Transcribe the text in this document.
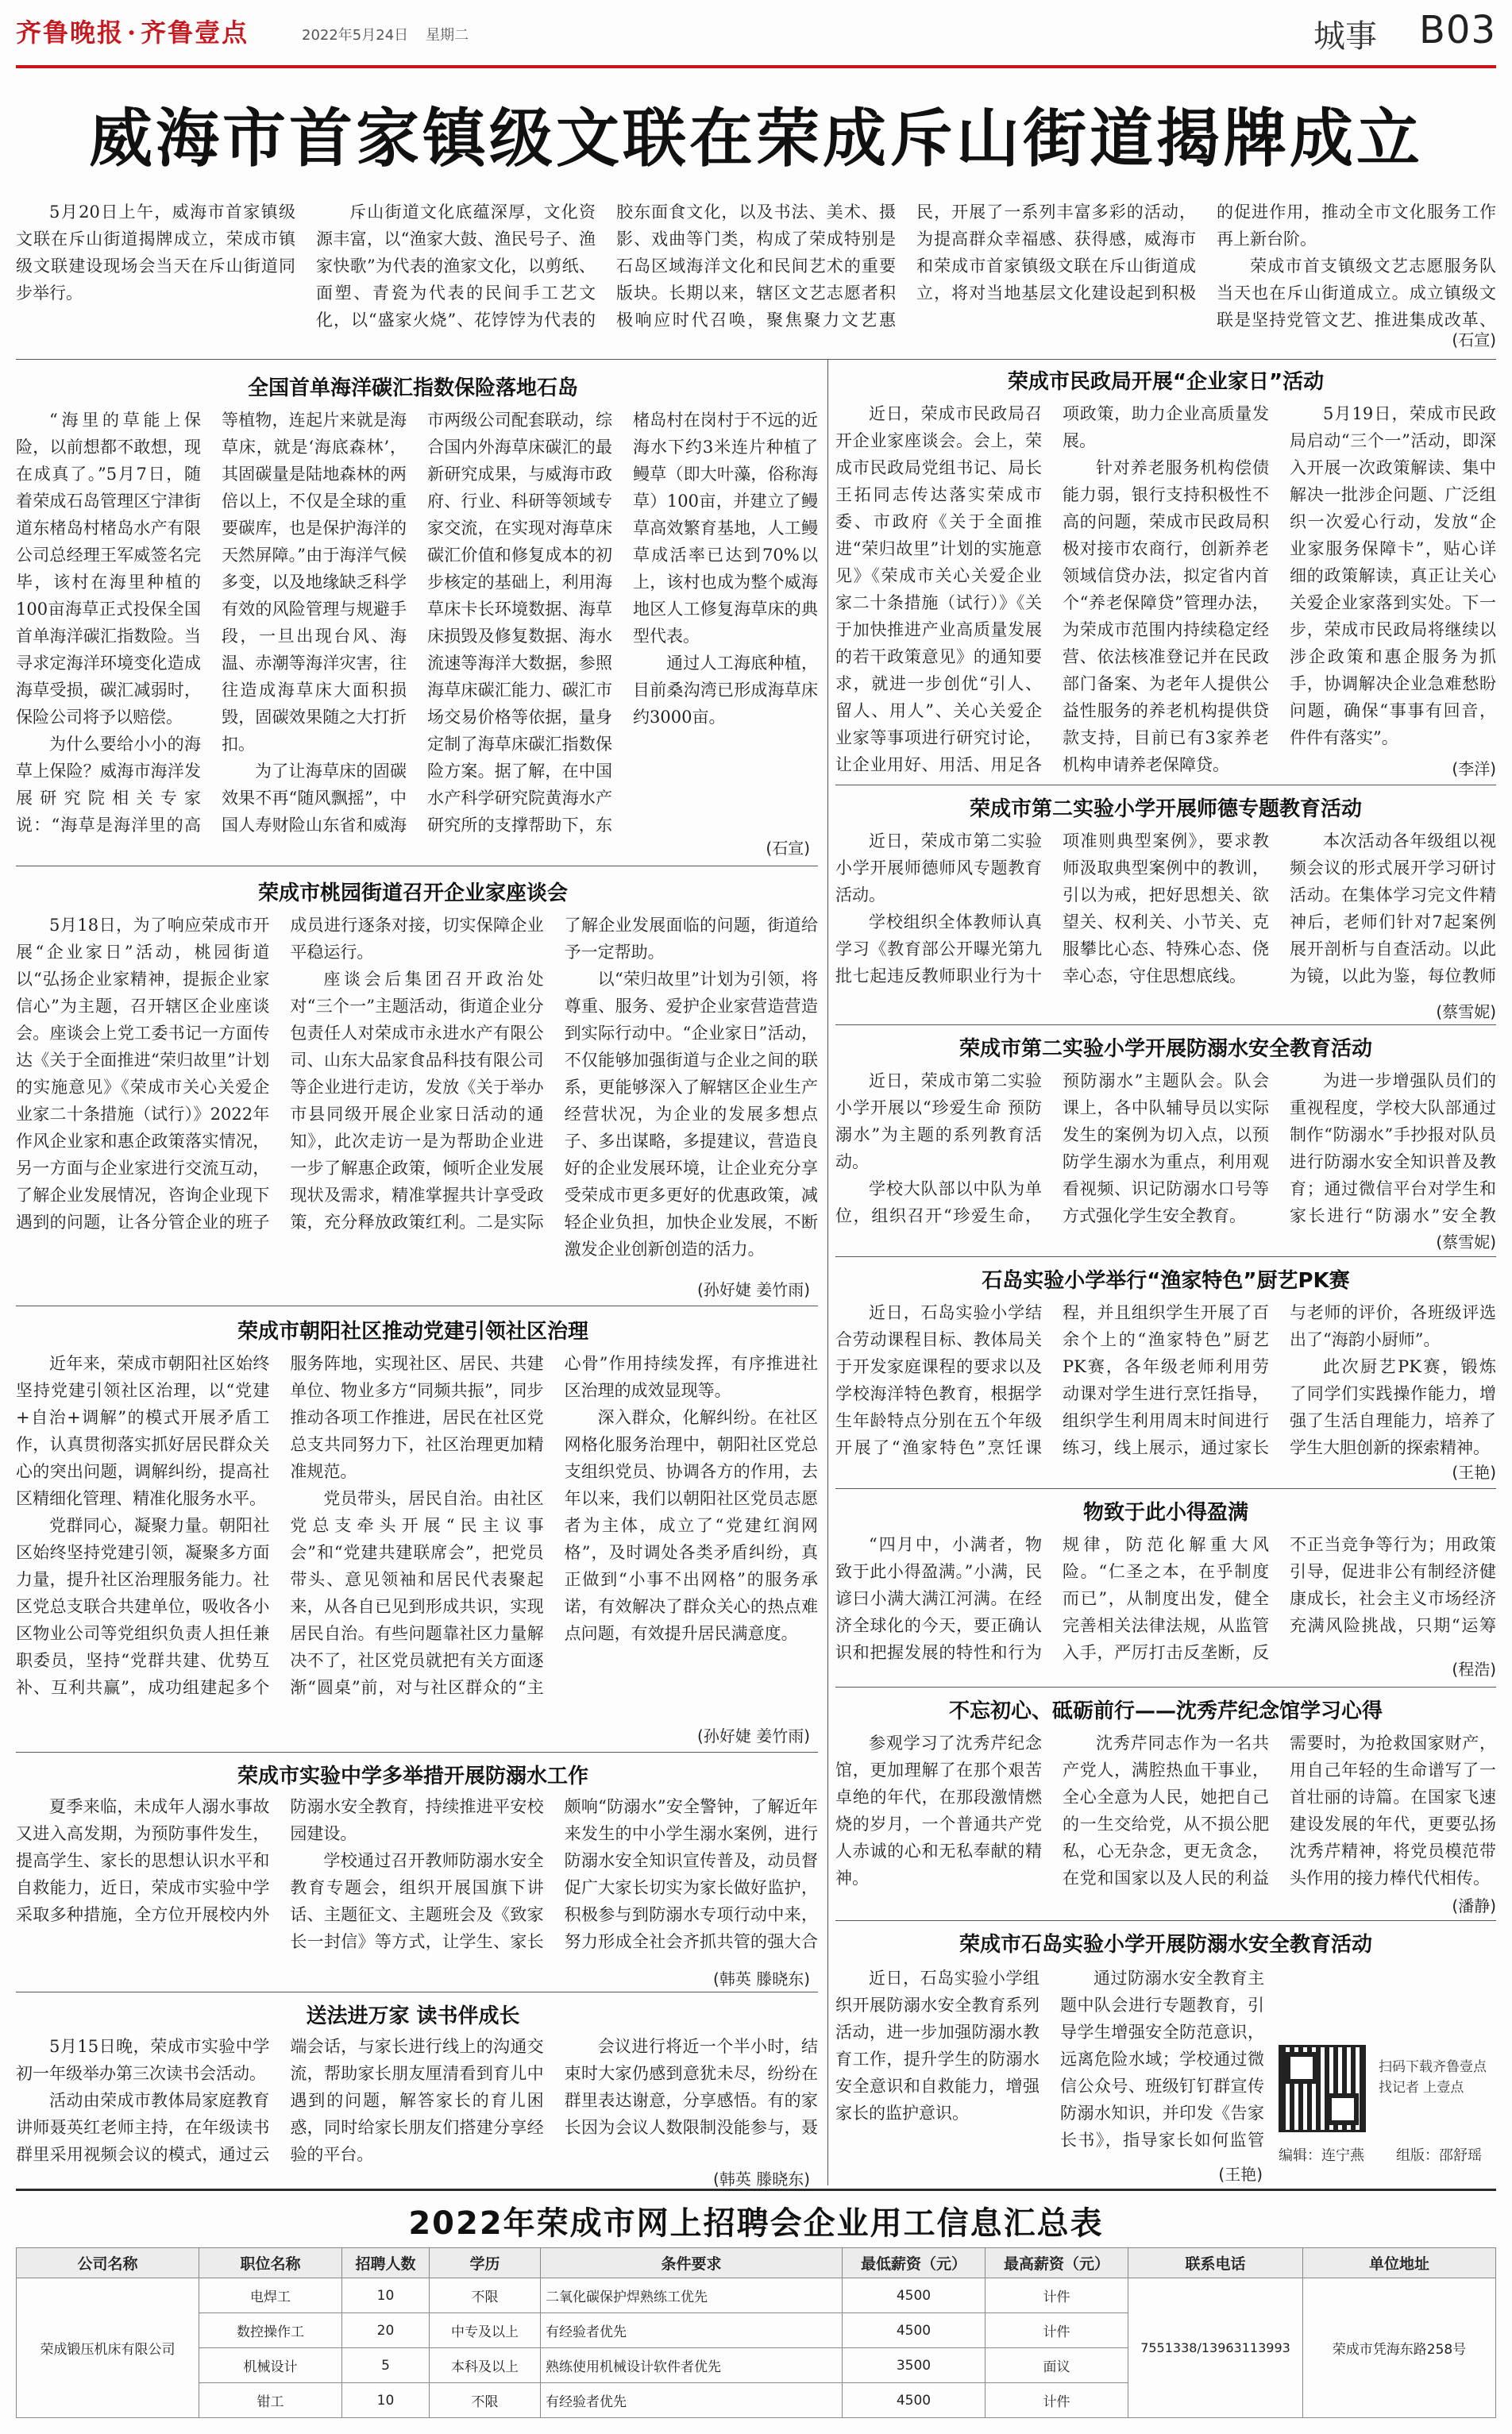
齐鲁晚报 · 齐鲁壹点	2022年5月24日 星期二	城事 B03
威海市首家镇级文联在荣成斥山街道揭牌成立

5月20日上午，威海市首家镇级文联在斥山街道揭牌成立，荣成市镇级文联建设现场会当天在斥山街道同步举行。

斥山街道文化底蕴深厚，文化资源丰富，以“渔家大鼓、渔民号子、渔家快歌”为代表的渔家文化，以剪纸、面塑、青瓷为代表的民间手工艺文化，以“盛家火烧”、花饽饽为代表的胶东面食文化，以及书法、美术、摄影、戏曲等门类，构成了荣成特别是石岛区域海洋文化和民间艺术的重要版块。长期以来，辖区文艺志愿者积极响应时代召唤，聚焦聚力文艺惠民，开展了一系列丰富多彩的活动，为提高群众幸福感、获得感，威海市和荣成市首家镇级文联在斥山街道成立，将对当地基层文化建设起到积极的促进作用，推动全市文化服务工作再上新台阶。

荣成市首支镇级文艺志愿服务队当天也在斥山街道成立。成立镇级文联是坚持党管文艺、推进集成改革、

(石宣)
全国首单海洋碳汇指数保险落地石岛

“海里的草能上保险，以前想都不敢想，现在成真了。”5月7日，随着荣成石岛管理区宁津街道东楮岛村楮岛水产有限公司总经理王军威签名完毕，该村在海里种植的100亩海草正式投保全国首单海洋碳汇指数险。当寻求定海洋环境变化造成海草受损，碳汇减弱时，保险公司将予以赔偿。

为什么要给小小的海草上保险？威海市海洋发展研究院相关专家说：“海草是海洋里的高等植物，连起片来就是海草床，就是‘海底森林’，其固碳量是陆地森林的两倍以上，不仅是全球的重要碳库，也是保护海洋的天然屏障。”由于海洋气候多变，以及地缘缺乏科学有效的风险管理与规避手段，一旦出现台风、海温、赤潮等海洋灾害，往往造成海草床大面积损毁，固碳效果随之大打折扣。

为了让海草床的固碳效果不再“随风飘摇”，中国人寿财险山东省和威海市两级公司配套联动，综合国内外海草床碳汇的最新研究成果，与威海市政府、行业、科研等领域专家交流，在实现对海草床碳汇价值和修复成本的初步核定的基础上，利用海草床卡长环境数据、海草床损毁及修复数据、海水流速等海洋大数据，参照海草床碳汇能力、碳汇市场交易价格等依据，量身定制了海草床碳汇指数保险方案。据了解，在中国水产科学研究院黄海水产研究所的支撑帮助下，东楮岛村在岗村于不远的近海水下约3米连片种植了鳗草（即大叶藻，俗称海草）100亩，并建立了鳗草高效繁育基地，人工鳗草成活率已达到70%以上，该村也成为整个威海地区人工修复海草床的典型代表。

通过人工海底种植，目前桑沟湾已形成海草床约3000亩。

(石宣)
荣成市桃园街道召开企业家座谈会

5月18日，为了响应荣成市开展“企业家日”活动，桃园街道以“弘扬企业家精神，提振企业家信心”为主题，召开辖区企业座谈会。座谈会上党工委书记一方面传达《关于全面推进“荣归故里”计划的实施意见》《荣成市关心关爱企业家二十条措施（试行）》2022年作风企业家和惠企政策落实情况，另一方面与企业家进行交流互动，了解企业发展情况，咨询企业现下遇到的问题，让各分管企业的班子成员进行逐条对接，切实保障企业平稳运行。

座谈会后集团召开政治处对“三个一”主题活动，街道企业分包责任人对荣成市永进水产有限公司、山东大品家食品科技有限公司等企业进行走访，发放《关于举办市县同级开展企业家日活动的通知》，此次走访一是为帮助企业进一步了解惠企政策，倾听企业发展现状及需求，精准掌握共计享受政策，充分释放政策红利。二是实际了解企业发展面临的问题，街道给予一定帮助。

以“荣归故里”计划为引领，将尊重、服务、爱护企业家营造营造到实际行动中。“企业家日”活动，不仅能够加强街道与企业之间的联系，更能够深入了解辖区企业生产经营状况，为企业的发展多想点子、多出谋略，多提建议，营造良好的企业发展环境，让企业充分享受荣成市更多更好的优惠政策，减轻企业负担，加快企业发展，不断激发企业创新创造的活力。

(孙好婕 姜竹雨)
荣成市朝阳社区推动党建引领社区治理

近年来，荣成市朝阳社区始终坚持党建引领社区治理，以“党建+自治+调解”的模式开展矛盾工作，认真贯彻落实抓好居民群众关心的突出问题，调解纠纷，提高社区精细化管理、精准化服务水平。

党群同心，凝聚力量。朝阳社区始终坚持党建引领，凝聚多方面力量，提升社区治理服务能力。社区党总支联合共建单位，吸收各小区物业公司等党组织负责人担任兼职委员，坚持“党群共建、优势互补、互利共赢”，成功组建起多个服务阵地，实现社区、居民、共建单位、物业多方“同频共振”，同步推动各项工作推进，居民在社区党总支共同努力下，社区治理更加精准规范。

党员带头，居民自治。由社区党总支牵头开展“民主议事会”和“党建共建联席会”，把党员带头、意见领袖和居民代表聚起来，从各自已见到形成共识，实现居民自治。有些问题靠社区力量解决不了，社区党员就把有关方面逐渐“圆桌”前，对与社区群众的“主心骨”作用持续发挥，有序推进社区治理的成效显现等。

深入群众，化解纠纷。在社区网格化服务治理中，朝阳社区党总支组织党员、协调各方的作用，去年以来，我们以朝阳社区党员志愿者为主体，成立了“党建红润网格”，及时调处各类矛盾纠纷，真正做到“小事不出网格”的服务承诺，有效解决了群众关心的热点难点问题，有效提升居民满意度。

(孙好婕 姜竹雨)
荣成市实验中学多举措开展防溺水工作

夏季来临，未成年人溺水事故又进入高发期，为预防事件发生，提高学生、家长的思想认识水平和自救能力，近日，荣成市实验中学采取多种措施，全方位开展校内外防溺水安全教育，持续推进平安校园建设。

学校通过召开教师防溺水安全教育专题会，组织开展国旗下讲话、主题征文、主题班会及《致家长一封信》等方式，让学生、家长颇响“防溺水”安全警钟，了解近年来发生的中小学生溺水案例，进行防溺水安全知识宣传普及，动员督促广大家长切实为家长做好监护，积极参与到防溺水专项行动中来，努力形成全社会齐抓共管的强大合

(韩英 滕晓东)
送法进万家 读书伴成长

5月15日晚，荣成市实验中学初一年级举办第三次读书会活动。

活动由荣成市教体局家庭教育讲师聂英红老师主持，在年级读书群里采用视频会议的模式，通过云端会话，与家长进行线上的沟通交流，帮助家长朋友厘清看到育儿中遇到的问题，解答家长的育儿困惑，同时给家长朋友们搭建分享经验的平台。

会议进行将近一个半小时，结束时大家仍感到意犹未尽，纷纷在群里表达谢意，分享感悟。有的家长因为会议人数限制没能参与，聂

(韩英 滕晓东)
荣成市民政局开展“企业家日”活动

近日，荣成市民政局召开企业家座谈会。会上，荣成市民政局党组书记、局长王拓同志传达落实荣成市委、市政府《关于全面推进“荣归故里”计划的实施意见》《荣成市关心关爱企业家二十条措施（试行）》《关于加快推进产业高质量发展的若干政策意见》的通知要求，就进一步创优“引人、留人、用人”、关心关爱企业家等事项进行研究讨论，让企业用好、用活、用足各项政策，助力企业高质量发展。

针对养老服务机构偿债能力弱，银行支持积极性不高的问题，荣成市民政局积极对接市农商行，创新养老领域信贷办法，拟定省内首个“养老保障贷”管理办法，为荣成市范围内持续稳定经营、依法核准登记并在民政部门备案、为老年人提供公益性服务的养老机构提供贷款支持，目前已有3家养老机构申请养老保障贷。

5月19日，荣成市民政局启动“三个一”活动，即深入开展一次政策解读、集中解决一批涉企问题、广泛组织一次爱心行动，发放“企业家服务保障卡”，贴心详细的政策解读，真正让关心关爱企业家落到实处。下一步，荣成市民政局将继续以涉企政策和惠企服务为抓手，协调解决企业急难愁盼问题，确保“事事有回音，件件有落实”。

(李洋)
荣成市第二实验小学开展师德专题教育活动

近日，荣成市第二实验小学开展师德师风专题教育活动。

学校组织全体教师认真学习《教育部公开曝光第九批七起违反教师职业行为十项准则典型案例》，要求教师汲取典型案例中的教训，引以为戒，把好思想关、欲望关、权利关、小节关、克服攀比心态、特殊心态、侥幸心态，守住思想底线。

本次活动各年级组以视频会议的形式展开学习研讨活动。在集体学习完文件精神后，老师们针对7起案例展开剖析与自查活动。以此为镜，以此为鉴，每位教师

(蔡雪妮)
荣成市第二实验小学开展防溺水安全教育活动

近日，荣成市第二实验小学开展以“珍爱生命 预防溺水”为主题的系列教育活动。

学校大队部以中队为单位，组织召开“珍爱生命，预防溺水”主题队会。队会课上，各中队辅导员以实际发生的案例为切入点，以预防学生溺水为重点，利用观看视频、识记防溺水口号等方式强化学生安全教育。

为进一步增强队员们的重视程度，学校大队部通过制作“防溺水”手抄报对队员进行防溺水安全知识普及教育；通过微信平台对学生和家长进行“防溺水”安全教

(蔡雪妮)
石岛实验小学举行“渔家特色”厨艺PK赛

近日，石岛实验小学结合劳动课程目标、教体局关于开发家庭课程的要求以及学校海洋特色教育，根据学生年龄特点分别在五个年级开展了“渔家特色”烹饪课程，并且组织学生开展了百余个上的“渔家特色”厨艺PK赛，各年级老师利用劳动课对学生进行烹饪指导，组织学生利用周末时间进行练习，线上展示，通过家长与老师的评价，各班级评选出了“海韵小厨师”。

此次厨艺PK赛，锻炼了同学们实践操作能力，增强了生活自理能力，培养了学生大胆创新的探索精神。

(王艳)
物致于此小得盈满

“四月中，小满者，物致于此小得盈满。”小满，民谚曰小满大满江河满。在经济全球化的今天，要正确认识和把握发展的特性和行为规律，防范化解重大风险。“仁圣之本，在乎制度而已”，从制度出发，健全完善相关法律法规，从监管入手，严厉打击反垄断，反不正当竞争等行为；用政策引导，促进非公有制经济健康成长，社会主义市场经济充满风险挑战，只期“运筹

(程浩)
不忘初心、砥砺前行——沈秀芹纪念馆学习心得

参观学习了沈秀芹纪念馆，更加理解了在那个艰苦卓绝的年代，在那段激情燃烧的岁月，一个普通共产党人赤诚的心和无私奉献的精神。

沈秀芹同志作为一名共产党人，满腔热血干事业，全心全意为人民，她把自己的一生交给党，从不损公肥私，心无杂念，更无贪念，在党和国家以及人民的利益需要时，为抢救国家财产，用自己年轻的生命谱写了一首壮丽的诗篇。在国家飞速建设发展的年代，更要弘扬沈秀芹精神，将党员模范带头作用的接力棒代代相传。

(潘静)
荣成市石岛实验小学开展防溺水安全教育活动

近日，石岛实验小学组织开展防溺水安全教育系列活动，进一步加强防溺水教育工作，提升学生的防溺水安全意识和自救能力，增强家长的监护意识。

通过防溺水安全教育主题中队会进行专题教育，引导学生增强安全防范意识，远离危险水域；学校通过微信公众号、班级钉钉群宣传防溺水知识，并印发《告家长书》，指导家长如何监管

(王艳)
扫码下载齐鲁壹点 找记者 上壹点
编辑：连宁燕 组版：邵舒瑶
2022年荣成市网上招聘会企业用工信息汇总表
公司名称	职位名称	招聘人数	学历	条件要求	最低薪资（元）	最高薪资（元）	联系电话	单位地址
荣成锻压机床有限公司	电焊工	10	不限	二氧化碳保护焊熟练工优先	4500	计件	7551338/13963113993	荣成市凭海东路258号
	数控操作工	20	中专及以上	有经验者优先	4500	计件		
	机械设计	5	本科及以上	熟练使用机械设计软件者优先	3500	面议		
	钳工	10	不限	有经验者优先	4500	计件		
